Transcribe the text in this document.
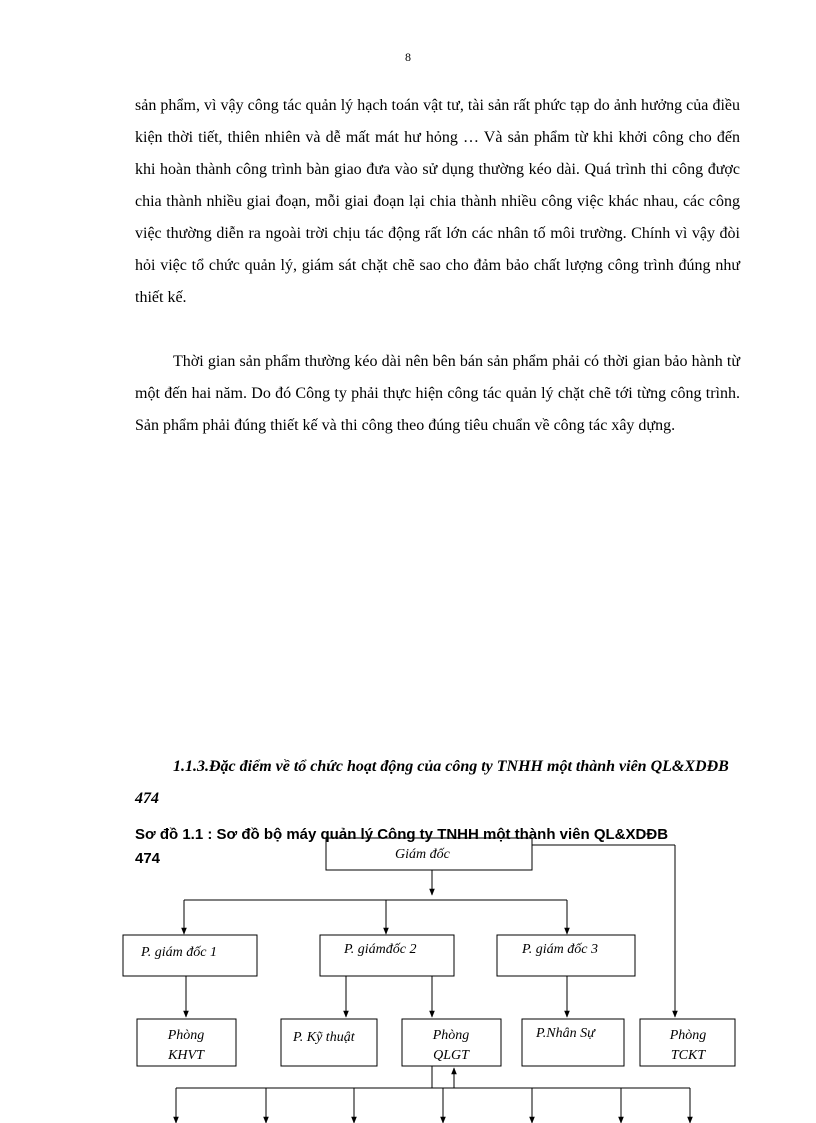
8

sản phẩm, vì vậy công tác quản lý hạch toán vật tư, tài sản rất phức tạp do ảnh hưởng của điều kiện thời tiết, thiên nhiên và dễ mất mát hư hỏng … Và sản phẩm từ khi khởi công cho đến khi hoàn thành công trình bàn giao đưa vào sử dụng thường kéo dài. Quá trình thi công được chia thành nhiều giai đoạn, mỗi giai đoạn lại chia thành nhiều công việc khác nhau, các công việc thường diễn ra ngoài trời chịu tác động rất lớn các nhân tố môi trường. Chính vì vậy đòi hỏi việc tổ chức quản lý, giám sát chặt chẽ sao cho đảm bảo chất lượng công trình đúng như thiết kế.

Thời gian sản phẩm thường kéo dài nên bên bán sản phẩm phải có thời gian bảo hành từ một đến hai năm. Do đó Công ty phải thực hiện công tác quản lý chặt chẽ tới từng công trình. Sản phẩm phải đúng thiết kế và thi công theo đúng tiêu chuẩn về công tác xây dựng.

1.1.3.Đặc điểm về tổ chức hoạt động của công ty TNHH một thành viên QL&XDĐB 474

Giám đốc
P. giám đốc 1	P. giámđốc 2	P. giám đốc 3
Phòng
KHVT
P. Kỹ thuật	Phòng
QLGT
P.Nhân Sự	Phòng
TCKT

Sơ đồ 1.1 : Sơ đồ bộ máy quản lý Công ty TNHH một thành viên QL&XDĐB 474
